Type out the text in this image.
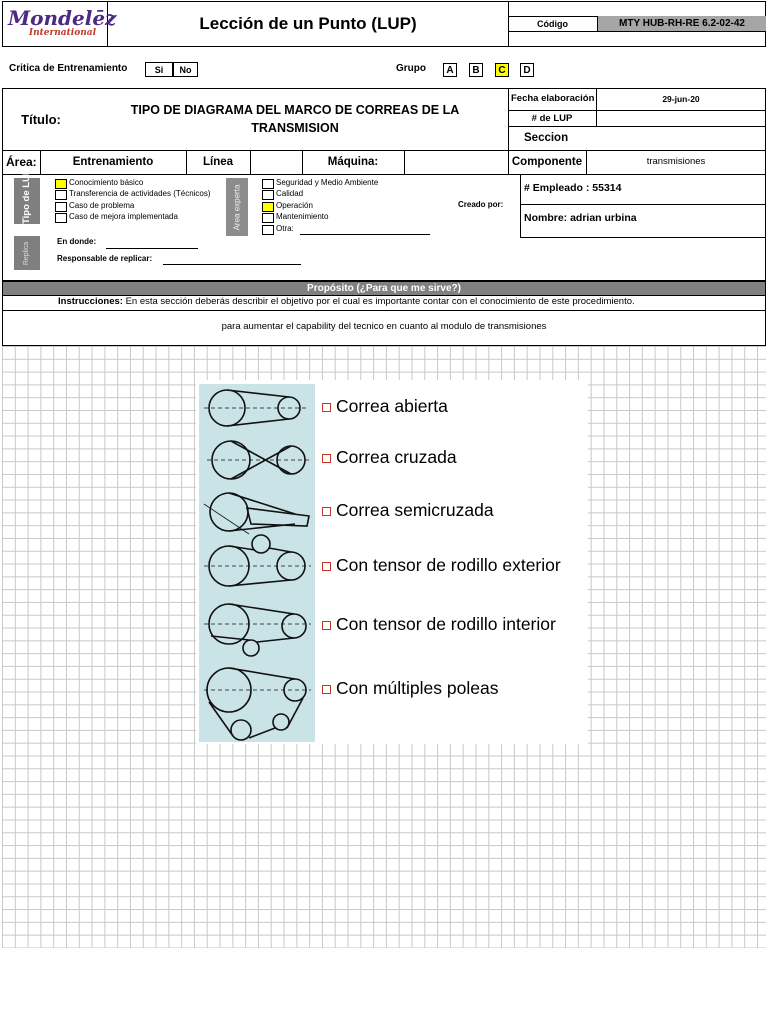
Mondelēz
International	Lección de un Punto (LUP)	Código	MTY HUB-RH-RE 6.2-02-42
Critica de Entrenamiento	Si	No	Grupo	A	B	C	D
Título:
TIPO DE DIAGRAMA DEL MARCO DE CORREAS DE LA TRANSMISION
Fecha elaboración	29-jun-20
# de LUP
Seccion
Área:	Entrenamiento	Línea	Máquina:	Componente	transmisiones
Tipo de LUP	Conocimiento básico
Transferencia de actividades (Técnicos)
Caso de problema
Caso de mejora implementada
Replica	En donde:
Responsable de replicar:
Area experta
Seguridad y Medio Ambiente
Calidad
Operación
Mantenimiento
Otra:
Creado por:
# Empleado : 55314
Nombre: adrian urbina
Propósito (¿Para que me sirve?)
Instrucciones: En esta sección deberás describir el objetivo por el cual es importante contar con el conocimiento de este procedimiento.
para aumentar el capability del tecnico en cuanto al modulo de transmisiones
Correa abierta
Correa cruzada
Correa semicruzada
Con tensor de rodillo exterior
Con tensor de rodillo interior
Con múltiples poleas
